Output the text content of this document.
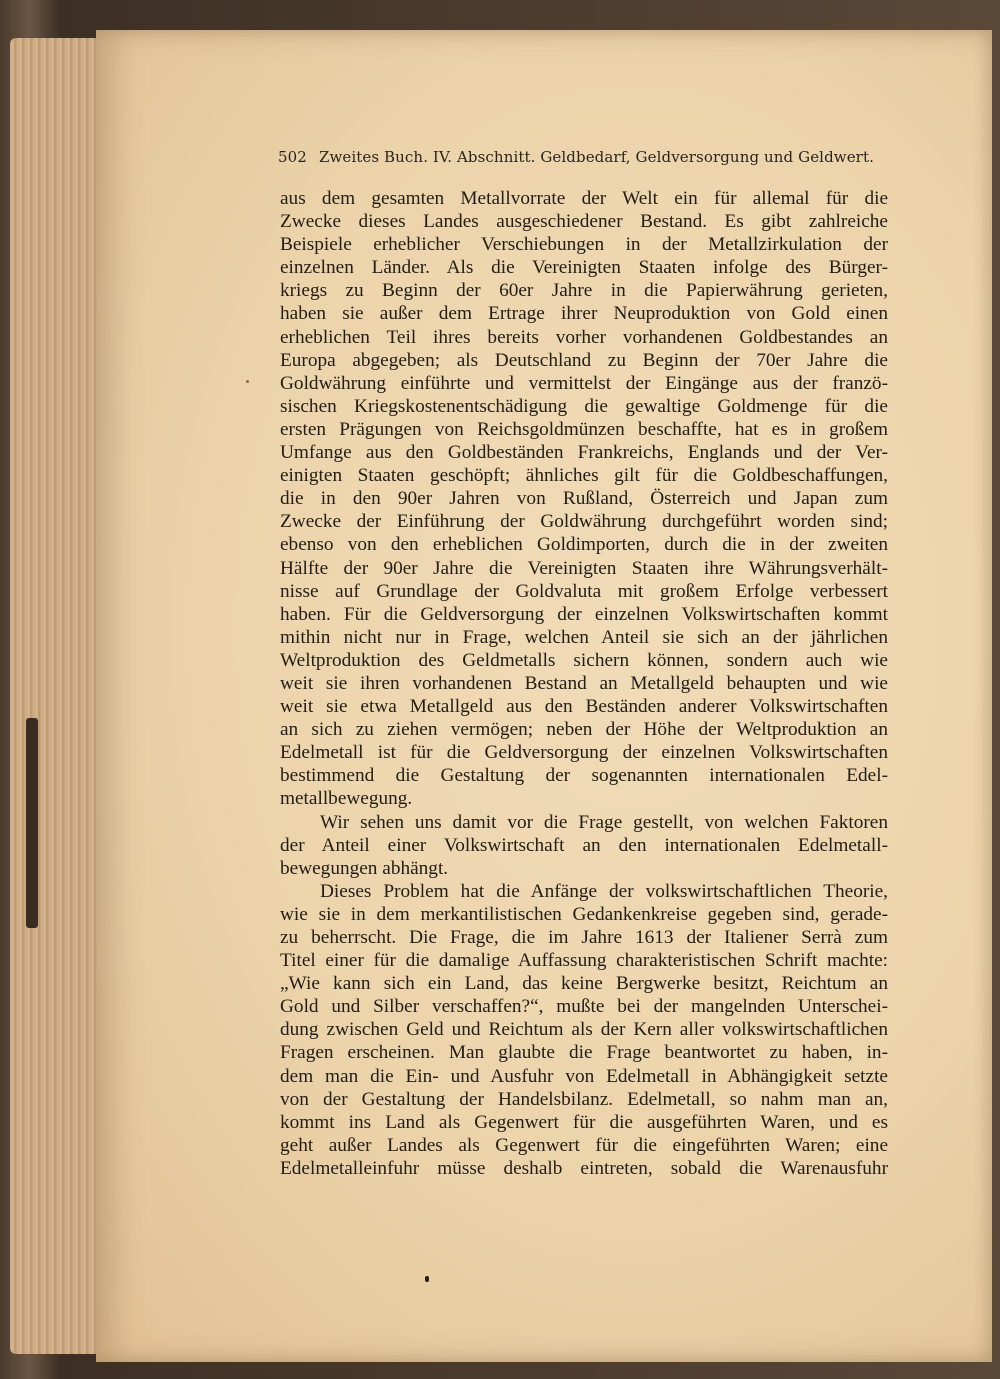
502 Zweites Buch. IV. Abschnitt. Geldbedarf, Geldversorgung und Geldwert.
aus dem gesamten Metallvorrate der Welt ein für allemal für die
Zwecke dieses Landes ausgeschiedener Bestand. Es gibt zahlreiche
Beispiele erheblicher Verschiebungen in der Metallzirkulation der
einzelnen Länder. Als die Vereinigten Staaten infolge des Bürger-
kriegs zu Beginn der 60er Jahre in die Papierwährung gerieten,
haben sie außer dem Ertrage ihrer Neuproduktion von Gold einen
erheblichen Teil ihres bereits vorher vorhandenen Goldbestandes an
Europa abgegeben; als Deutschland zu Beginn der 70er Jahre die
Goldwährung einführte und vermittelst der Eingänge aus der franzö-
sischen Kriegskostenentschädigung die gewaltige Goldmenge für die
ersten Prägungen von Reichsgoldmünzen beschaffte, hat es in großem
Umfange aus den Goldbeständen Frankreichs, Englands und der Ver-
einigten Staaten geschöpft; ähnliches gilt für die Goldbeschaffungen,
die in den 90er Jahren von Rußland, Österreich und Japan zum
Zwecke der Einführung der Goldwährung durchgeführt worden sind;
ebenso von den erheblichen Goldimporten, durch die in der zweiten
Hälfte der 90er Jahre die Vereinigten Staaten ihre Währungsverhält-
nisse auf Grundlage der Goldvaluta mit großem Erfolge verbessert
haben. Für die Geldversorgung der einzelnen Volkswirtschaften kommt
mithin nicht nur in Frage, welchen Anteil sie sich an der jährlichen
Weltproduktion des Geldmetalls sichern können, sondern auch wie
weit sie ihren vorhandenen Bestand an Metallgeld behaupten und wie
weit sie etwa Metallgeld aus den Beständen anderer Volkswirtschaften
an sich zu ziehen vermögen; neben der Höhe der Weltproduktion an
Edelmetall ist für die Geldversorgung der einzelnen Volkswirtschaften
bestimmend die Gestaltung der sogenannten internationalen Edel-
metallbewegung.
Wir sehen uns damit vor die Frage gestellt, von welchen Faktoren
der Anteil einer Volkswirtschaft an den internationalen Edelmetall-
bewegungen abhängt.
Dieses Problem hat die Anfänge der volkswirtschaftlichen Theorie,
wie sie in dem merkantilistischen Gedankenkreise gegeben sind, gerade-
zu beherrscht. Die Frage, die im Jahre 1613 der Italiener Serrà zum
Titel einer für die damalige Auffassung charakteristischen Schrift machte:
„Wie kann sich ein Land, das keine Bergwerke besitzt, Reichtum an
Gold und Silber verschaffen?“, mußte bei der mangelnden Unterschei-
dung zwischen Geld und Reichtum als der Kern aller volkswirtschaftlichen
Fragen erscheinen. Man glaubte die Frage beantwortet zu haben, in-
dem man die Ein- und Ausfuhr von Edelmetall in Abhängigkeit setzte
von der Gestaltung der Handelsbilanz. Edelmetall, so nahm man an,
kommt ins Land als Gegenwert für die ausgeführten Waren, und es
geht außer Landes als Gegenwert für die eingeführten Waren; eine
Edelmetalleinfuhr müsse deshalb eintreten, sobald die Warenausfuhr
